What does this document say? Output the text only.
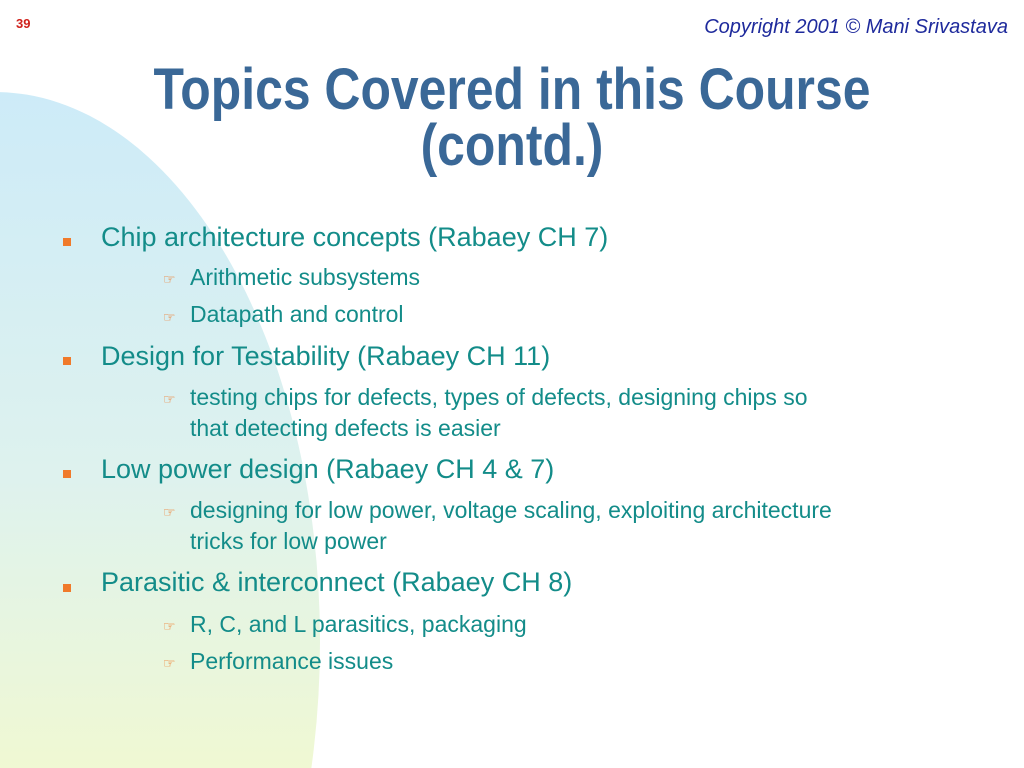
39	Copyright 2001 © Mani Srivastava
Topics Covered in this Course
(contd.)
Chip architecture concepts (Rabaey CH 7)
☞ Arithmetic subsystems
☞ Datapath and control
Design for Testability (Rabaey CH 11)
☞ testing chips for defects, types of defects, designing chips so
that detecting defects is easier
Low power design (Rabaey CH 4 & 7)
☞ designing for low power, voltage scaling, exploiting architecture
tricks for low power
Parasitic & interconnect (Rabaey CH 8)
☞ R, C, and L parasitics, packaging
☞ Performance issues
